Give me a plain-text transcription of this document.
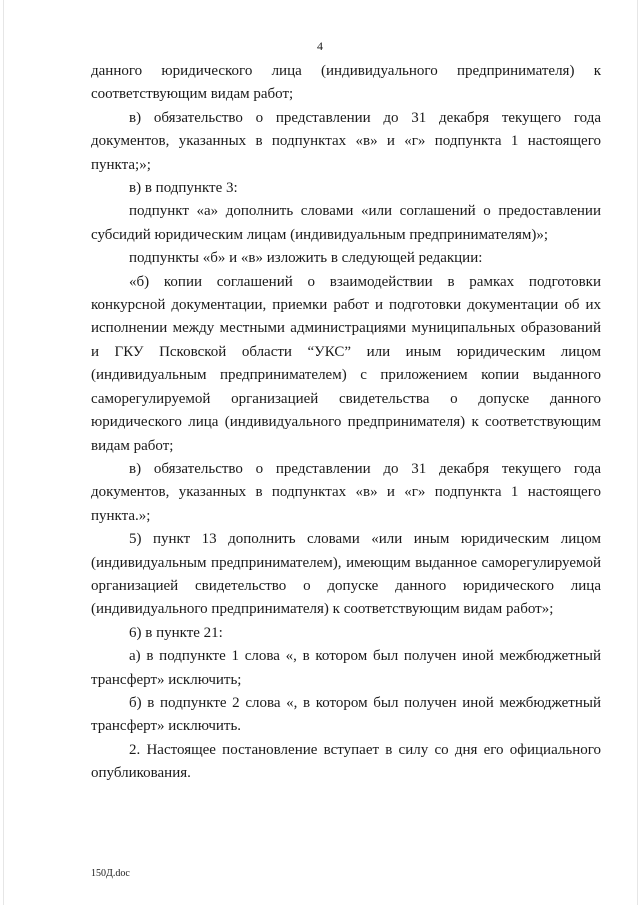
4

данного юридического лица (индивидуального предпринимателя) к соответствующим видам работ;

в) обязательство о представлении до 31 декабря текущего года документов, указанных в подпунктах «в» и «г» подпункта 1 настоящего пункта;»;

в) в подпункте 3:

подпункт «а» дополнить словами «или соглашений о предоставлении субсидий юридическим лицам (индивидуальным предпринимателям)»;

подпункты «б» и «в» изложить в следующей редакции:

«б) копии соглашений о взаимодействии в рамках подготовки конкурсной документации, приемки работ и подготовки документации об их исполнении между местными администрациями муниципальных образований и ГКУ Псковской области “УКС” или иным юридическим лицом (индивидуальным предпринимателем) с приложением копии выданного саморегулируемой организацией свидетельства о допуске данного юридического лица (индивидуального предпринимателя) к соответствующим видам работ;

в) обязательство о представлении до 31 декабря текущего года документов, указанных в подпунктах «в» и «г» подпункта 1 настоящего пункта.»;

5) пункт 13 дополнить словами «или иным юридическим лицом (индивидуальным предпринимателем), имеющим выданное саморегулируемой организацией свидетельство о допуске данного юридического лица (индивидуального предпринимателя) к соответствующим видам работ»;

6) в пункте 21:

а) в подпункте 1 слова «, в котором был получен иной межбюджетный трансферт» исключить;

б) в подпункте 2 слова «, в котором был получен иной межбюджетный трансферт» исключить.

2. Настоящее постановление вступает в силу со дня его официального опубликования.

150Д.doc
